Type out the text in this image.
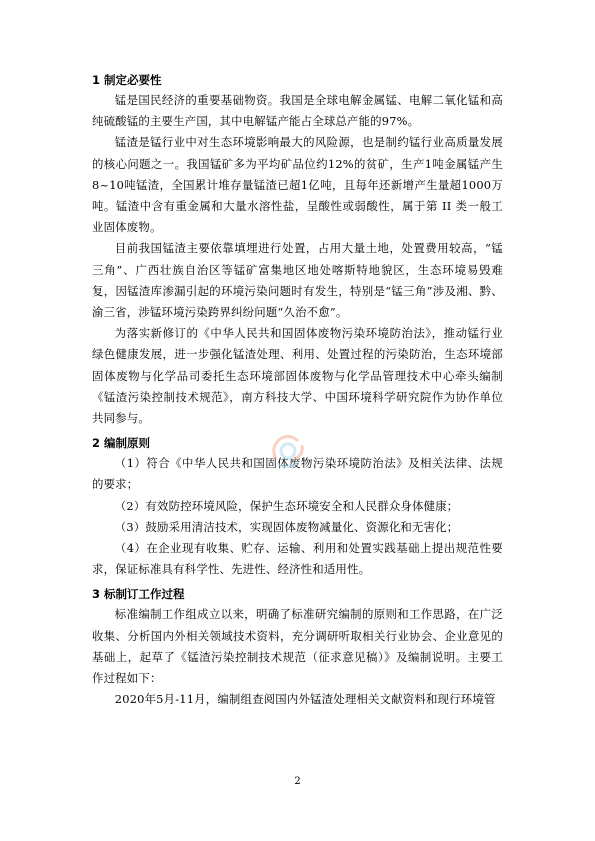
1 制定必要性

锰是国民经济的重要基础物资。我国是全球电解金属锰、电解二氧化锰和高纯硫酸锰的主要生产国，其中电解锰产能占全球总产能的97%。

锰渣是锰行业中对生态环境影响最大的风险源，也是制约锰行业高质量发展的核心问题之一。我国锰矿多为平均矿品位约12%的贫矿，生产1吨金属锰产生8~10吨锰渣，全国累计堆存量锰渣已超1亿吨，且每年还新增产生量超1000万吨。锰渣中含有重金属和大量水溶性盐，呈酸性或弱酸性，属于第 II 类一般工业固体废物。

目前我国锰渣主要依靠填埋进行处置，占用大量土地，处置费用较高，“锰三角”、广西壮族自治区等锰矿富集地区地处喀斯特地貌区，生态环境易毁难复，因锰渣库渗漏引起的环境污染问题时有发生，特别是“锰三角”涉及湘、黔、渝三省，涉锰环境污染跨界纠纷问题“久治不愈”。

为落实新修订的《中华人民共和国固体废物污染环境防治法》，推动锰行业绿色健康发展，进一步强化锰渣处理、利用、处置过程的污染防治，生态环境部固体废物与化学品司委托生态环境部固体废物与化学品管理技术中心牵头编制《锰渣污染控制技术规范》，南方科技大学、中国环境科学研究院作为协作单位共同参与。

2 编制原则

（1）符合《中华人民共和国固体废物污染环境防治法》及相关法律、法规的要求；

（2）有效防控环境风险，保护生态环境安全和人民群众身体健康；

（3）鼓励采用清洁技术，实现固体废物减量化、资源化和无害化；

（4）在企业现有收集、贮存、运输、利用和处置实践基础上提出规范性要求，保证标准具有科学性、先进性、经济性和适用性。

3 标制订工作过程

标准编制工作组成立以来，明确了标准研究编制的原则和工作思路，在广泛收集、分析国内外相关领域技术资料，充分调研听取相关行业协会、企业意见的基础上，起草了《锰渣污染控制技术规范（征求意见稿）》及编制说明。主要工作过程如下：

2020年5月-11月，编制组查阅国内外锰渣处理相关文献资料和现行环境管

2
